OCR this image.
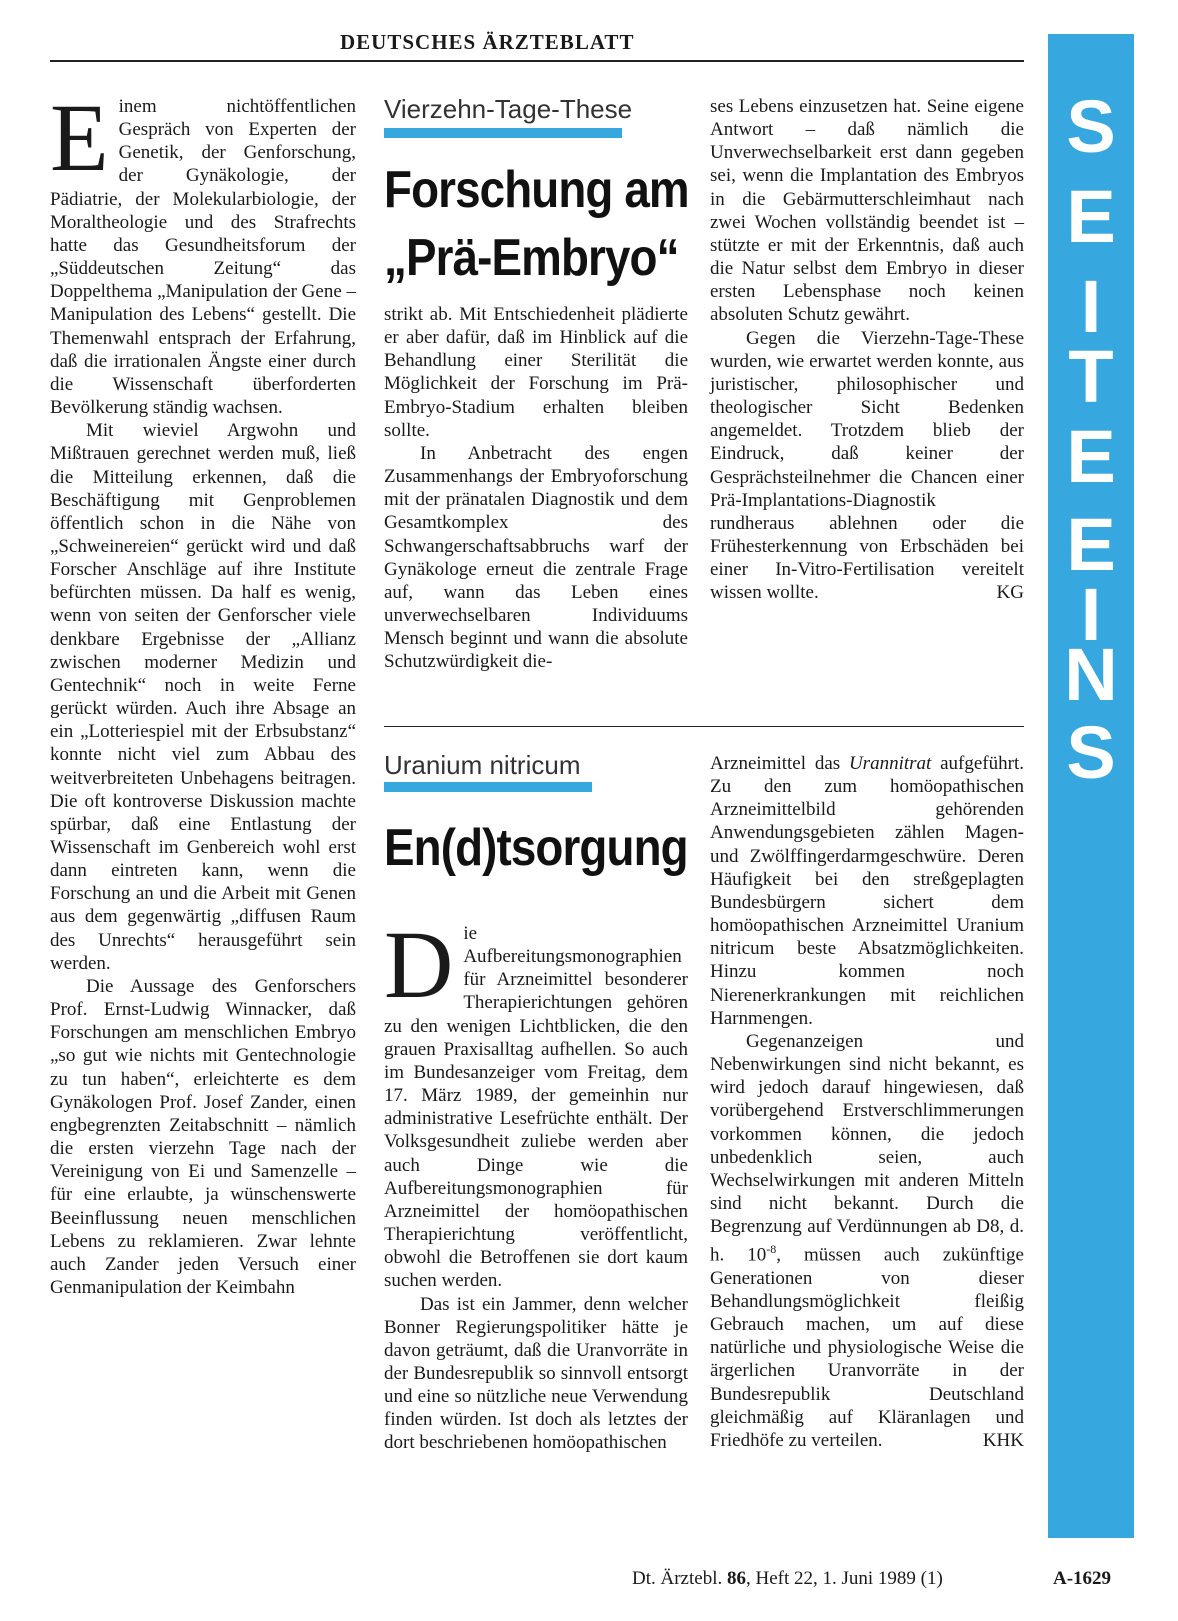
DEUTSCHES ÄRZTEBLATT
S
E
I
T
E
E
I
N
S

Einem nichtöffentlichen Gespräch von Experten der Genetik, der Genforschung, der Gynäkologie, der Pädiatrie, der Molekularbiologie, der Moraltheologie und des Strafrechts hatte das Gesundheitsforum der „Süddeutschen Zeitung“ das Doppelthema „Manipulation der Gene – Manipulation des Lebens“ gestellt. Die Themenwahl entsprach der Erfahrung, daß die irrationalen Ängste einer durch die Wissenschaft überforderten Bevölkerung ständig wachsen.

Mit wieviel Argwohn und Mißtrauen gerechnet werden muß, ließ die Mitteilung erkennen, daß die Beschäftigung mit Genproblemen öffentlich schon in die Nähe von „Schweinereien“ gerückt wird und daß Forscher Anschläge auf ihre Institute befürchten müssen. Da half es wenig, wenn von seiten der Genforscher viele denkbare Ergebnisse der „Allianz zwischen moderner Medizin und Gentechnik“ noch in weite Ferne gerückt würden. Auch ihre Absage an ein „Lotteriespiel mit der Erbsubstanz“ konnte nicht viel zum Abbau des weitverbreiteten Unbehagens beitragen. Die oft kontroverse Diskussion machte spürbar, daß eine Entlastung der Wissenschaft im Genbereich wohl erst dann eintreten kann, wenn die Forschung an und die Arbeit mit Genen aus dem gegenwärtig „diffusen Raum des Unrechts“ herausgeführt sein werden.

Die Aussage des Genforschers Prof. Ernst-Ludwig Winnacker, daß Forschungen am menschlichen Embryo „so gut wie nichts mit Gentechnologie zu tun haben“, erleichterte es dem Gynäkologen Prof. Josef Zander, einen engbegrenzten Zeitabschnitt – nämlich die ersten vierzehn Tage nach der Vereinigung von Ei und Samenzelle – für eine erlaubte, ja wünschenswerte Beeinflussung neuen menschlichen Lebens zu reklamieren. Zwar lehnte auch Zander jeden Versuch einer Genmanipulation der Keimbahn

Vierzehn-Tage-These
Forschung am
„Prä-Embryo“

strikt ab. Mit Entschiedenheit plädierte er aber dafür, daß im Hinblick auf die Behandlung einer Sterilität die Möglichkeit der Forschung im Prä-Embryo-Stadium erhalten bleiben sollte.

In Anbetracht des engen Zusammenhangs der Embryoforschung mit der pränatalen Diagnostik und dem Gesamtkomplex des Schwangerschaftsabbruchs warf der Gynäkologe erneut die zentrale Frage auf, wann das Leben eines unverwechselbaren Individuums Mensch beginnt und wann die absolute Schutzwürdigkeit die-

ses Lebens einzusetzen hat. Seine eigene Antwort – daß nämlich die Unverwechselbarkeit erst dann gegeben sei, wenn die Implantation des Embryos in die Gebärmutterschleimhaut nach zwei Wochen vollständig beendet ist – stützte er mit der Erkenntnis, daß auch die Natur selbst dem Embryo in dieser ersten Lebensphase noch keinen absoluten Schutz gewährt.

Gegen die Vierzehn-Tage-These wurden, wie erwartet werden konnte, aus juristischer, philosophischer und theologischer Sicht Bedenken angemeldet. Trotzdem blieb der Eindruck, daß keiner der Gesprächsteilnehmer die Chancen einer Prä-Implantations-Diagnostik rundheraus ablehnen oder die Frühesterkennung von Erbschäden bei einer In-Vitro-Fertilisation vereitelt wissen wollte.	KG

Uranium nitricum
En(d)tsorgung

Die Aufbereitungsmonographien für Arzneimittel besonderer Therapierichtungen gehören zu den wenigen Lichtblicken, die den grauen Praxisalltag aufhellen. So auch im Bundesanzeiger vom Freitag, dem 17. März 1989, der gemeinhin nur administrative Lesefrüchte enthält. Der Volksgesundheit zuliebe werden aber auch Dinge wie die Aufbereitungsmonographien für Arzneimittel der homöopathischen Therapierichtung veröffentlicht, obwohl die Betroffenen sie dort kaum suchen werden.

Das ist ein Jammer, denn welcher Bonner Regierungspolitiker hätte je davon geträumt, daß die Uranvorräte in der Bundesrepublik so sinnvoll entsorgt und eine so nützliche neue Verwendung finden würden. Ist doch als letztes der dort beschriebenen homöopathischen

Arzneimittel das Urannitrat aufgeführt. Zu den zum homöopathischen Arzneimittelbild gehörenden Anwendungsgebieten zählen Magen- und Zwölffingerdarmgeschwüre. Deren Häufigkeit bei den streßgeplagten Bundesbürgern sichert dem homöopathischen Arzneimittel Uranium nitricum beste Absatzmöglichkeiten. Hinzu kommen noch Nierenerkrankungen mit reichlichen Harnmengen.

Gegenanzeigen und Nebenwirkungen sind nicht bekannt, es wird jedoch darauf hingewiesen, daß vorübergehend Erstverschlimmerungen vorkommen können, die jedoch unbedenklich seien, auch Wechselwirkungen mit anderen Mitteln sind nicht bekannt. Durch die Begrenzung auf Verdünnungen ab D8, d. h. $10^{-8}$, müssen auch zukünftige Generationen von dieser Behandlungsmöglichkeit fleißig Gebrauch machen, um auf diese natürliche und physiologische Weise die ärgerlichen Uranvorräte in der Bundesrepublik Deutschland gleichmäßig auf Kläranlagen und Friedhöfe zu verteilen.	KHK

Dt. Ärztebl. 86, Heft 22, 1. Juni 1989 (1)	A-1629
